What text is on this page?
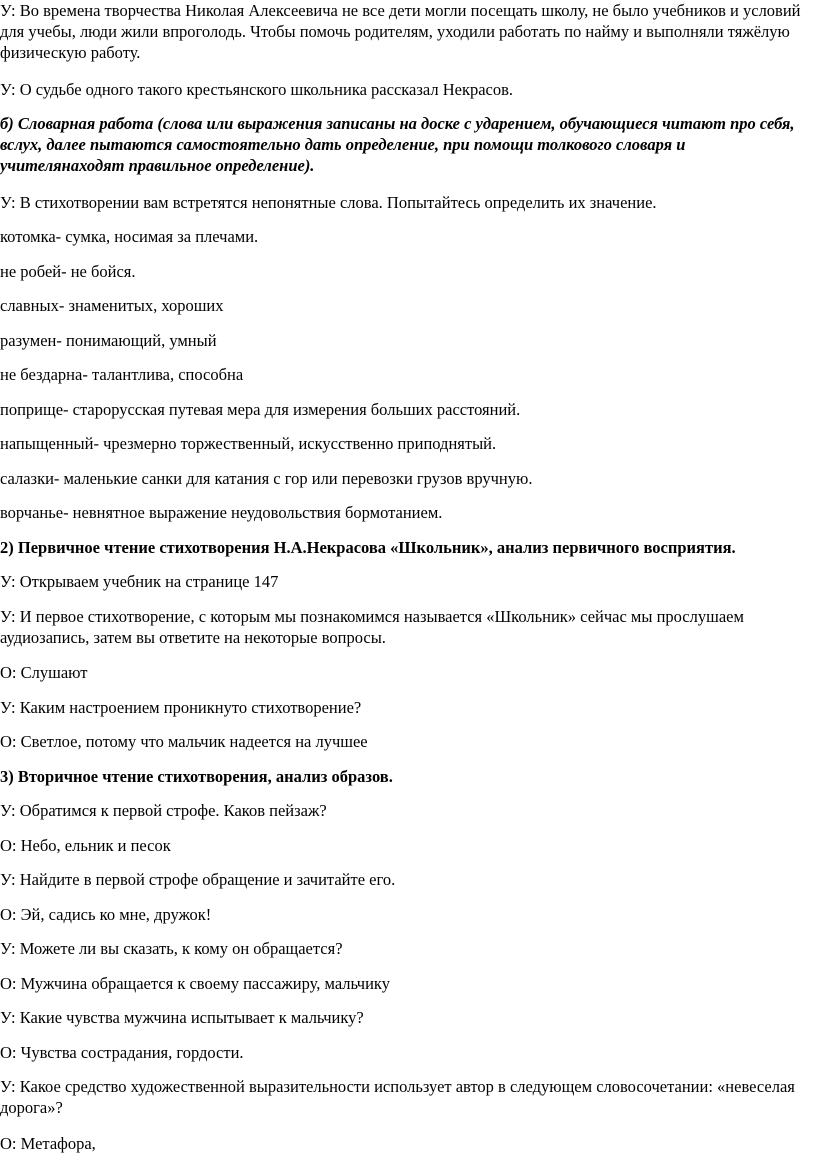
У: Во времена творчества Николая Алексеевича не все дети могли посещать школу, не было учебников и условий для учебы, люди жили впроголодь. Чтобы помочь родителям, уходили работать по найму и выполняли тяжёлую физическую работу.

У: О судьбе одного такого крестьянского школьника рассказал Некрасов.

б) Словарная работа (слова или выражения записаны на доске с ударением, обучающиеся читают про себя, вслух, далее пытаются самостоятельно дать определение, при помощи толкового словаря и учителянаходят правильное определение).

У: В стихотворении вам встретятся непонятные слова. Попытайтесь определить их значение.

котомка- сумка, носимая за плечами.

не робей- не бойся.

славных- знаменитых, хороших

разумен- понимающий, умный

не бездарна- талантлива, способна

поприще- старорусская путевая мера для измерения больших расстояний.

напыщенный- чрезмерно торжественный, искусственно приподнятый.

салазки- маленькие санки для катания с гор или перевозки грузов вручную.

ворчанье- невнятное выражение неудовольствия бормотанием.

2) Первичное чтение стихотворения Н.А.Некрасова «Школьник», анализ первичного восприятия.

У: Открываем учебник на странице 147

У: И первое стихотворение, с которым мы познакомимся называется «Школьник» сейчас мы прослушаем аудиозапись, затем вы ответите на некоторые вопросы.

О: Слушают

У: Каким настроением проникнуто стихотворение?

О: Светлое, потому что мальчик надеется на лучшее

3) Вторичное чтение стихотворения, анализ образов.

У: Обратимся к первой строфе. Каков пейзаж?

О: Небо, ельник и песок

У: Найдите в первой строфе обращение и зачитайте его.

О: Эй, садись ко мне, дружок!

У: Можете ли вы сказать, к кому он обращается?

О: Мужчина обращается к своему пассажиру, мальчику

У: Какие чувства мужчина испытывает к мальчику?

О: Чувства сострадания, гордости.

У: Какое средство художественной выразительности использует автор в следующем словосочетании: «невеселая дорога»?

О: Метафора,
